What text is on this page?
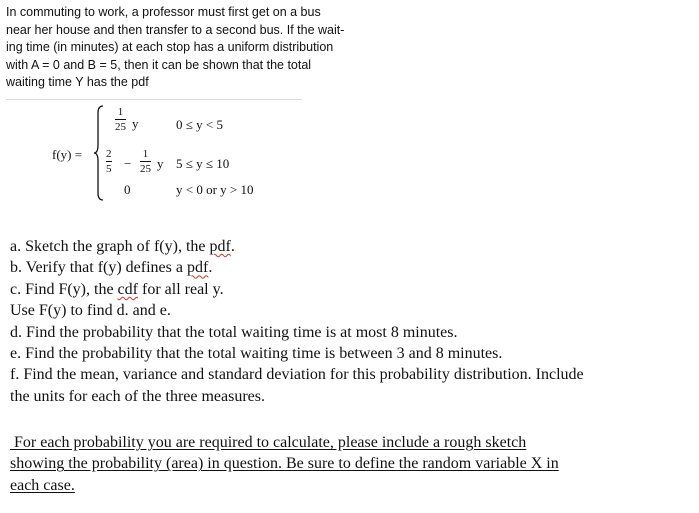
In commuting to work, a professor must first get on a bus
near her house and then transfer to a second bus. If the wait-
ing time (in minutes) at each stop has a uniform distribution
with A = 0 and B = 5, then it can be shown that the total
waiting time Y has the pdf
f(y) =
1
25 y	0 ≤ y < 5
2
5 −
1
25 y 5 ≤ y ≤ 10
0	y < 0 or y > 10
a. Sketch the graph of f(y), the pdf.
b. Verify that f(y) defines a pdf.
c. Find F(y), the cdf for all real y.
Use F(y) to find d. and e.
d. Find the probability that the total waiting time is at most 8 minutes.
e. Find the probability that the total waiting time is between 3 and 8 minutes.
f. Find the mean, variance and standard deviation for this probability distribution. Include
the units for each of the three measures.
For each probability you are required to calculate, please include a rough sketch
showing the probability (area) in question. Be sure to define the random variable X in
each case.
